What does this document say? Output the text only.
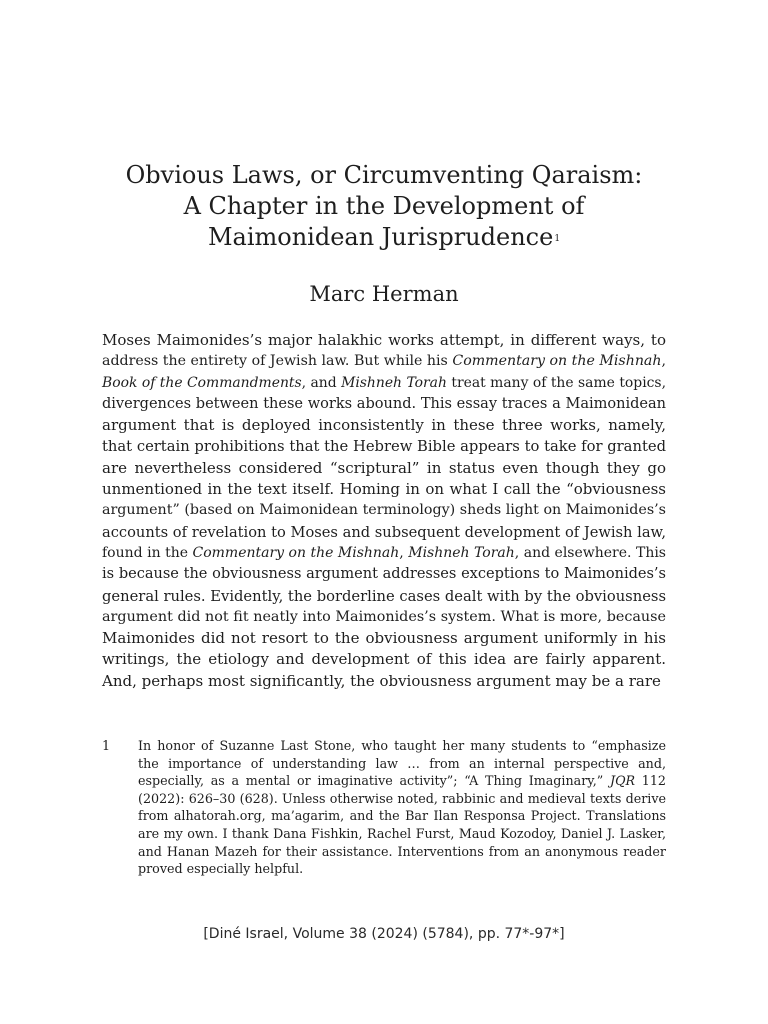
Obvious Laws, or Circumventing Qaraism:
A Chapter in the Development of
Maimonidean Jurisprudence$^1$
Marc Herman

Moses Maimonides’s major halakhic works attempt, in different ways, to
address the entirety of Jewish law. But while his Commentary on the Mishnah,
Book of the Commandments, and Mishneh Torah treat many of the same topics,
divergences between these works abound. This essay traces a Maimonidean
argument that is deployed inconsistently in these three works, namely,
that certain prohibitions that the Hebrew Bible appears to take for granted
are nevertheless considered “scriptural” in status even though they go
unmentioned in the text itself. Homing in on what I call the “obviousness
argument” (based on Maimonidean terminology) sheds light on Maimonides’s
accounts of revelation to Moses and subsequent development of Jewish law,
found in the Commentary on the Mishnah, Mishneh Torah, and elsewhere. This
is because the obviousness argument addresses exceptions to Maimonides’s
general rules. Evidently, the borderline cases dealt with by the obviousness
argument did not fit neatly into Maimonides’s system. What is more, because
Maimonides did not resort to the obviousness argument uniformly in his
writings, the etiology and development of this idea are fairly apparent.
And, perhaps most significantly, the obviousness argument may be a rare

1 In honor of Suzanne Last Stone, who taught her many students to “emphasize
the importance of understanding law … from an internal perspective and,
especially, as a mental or imaginative activity”; “A Thing Imaginary,” JQR 112
(2022): 626–30 (628). Unless otherwise noted, rabbinic and medieval texts derive
from alhatorah.org, ma’agarim, and the Bar Ilan Responsa Project. Translations
are my own. I thank Dana Fishkin, Rachel Furst, Maud Kozodoy, Daniel J. Lasker,
and Hanan Mazeh for their assistance. Interventions from an anonymous reader
proved especially helpful.
[Diné Israel, Volume 38 (2024) (5784), pp. 77*-97*]
